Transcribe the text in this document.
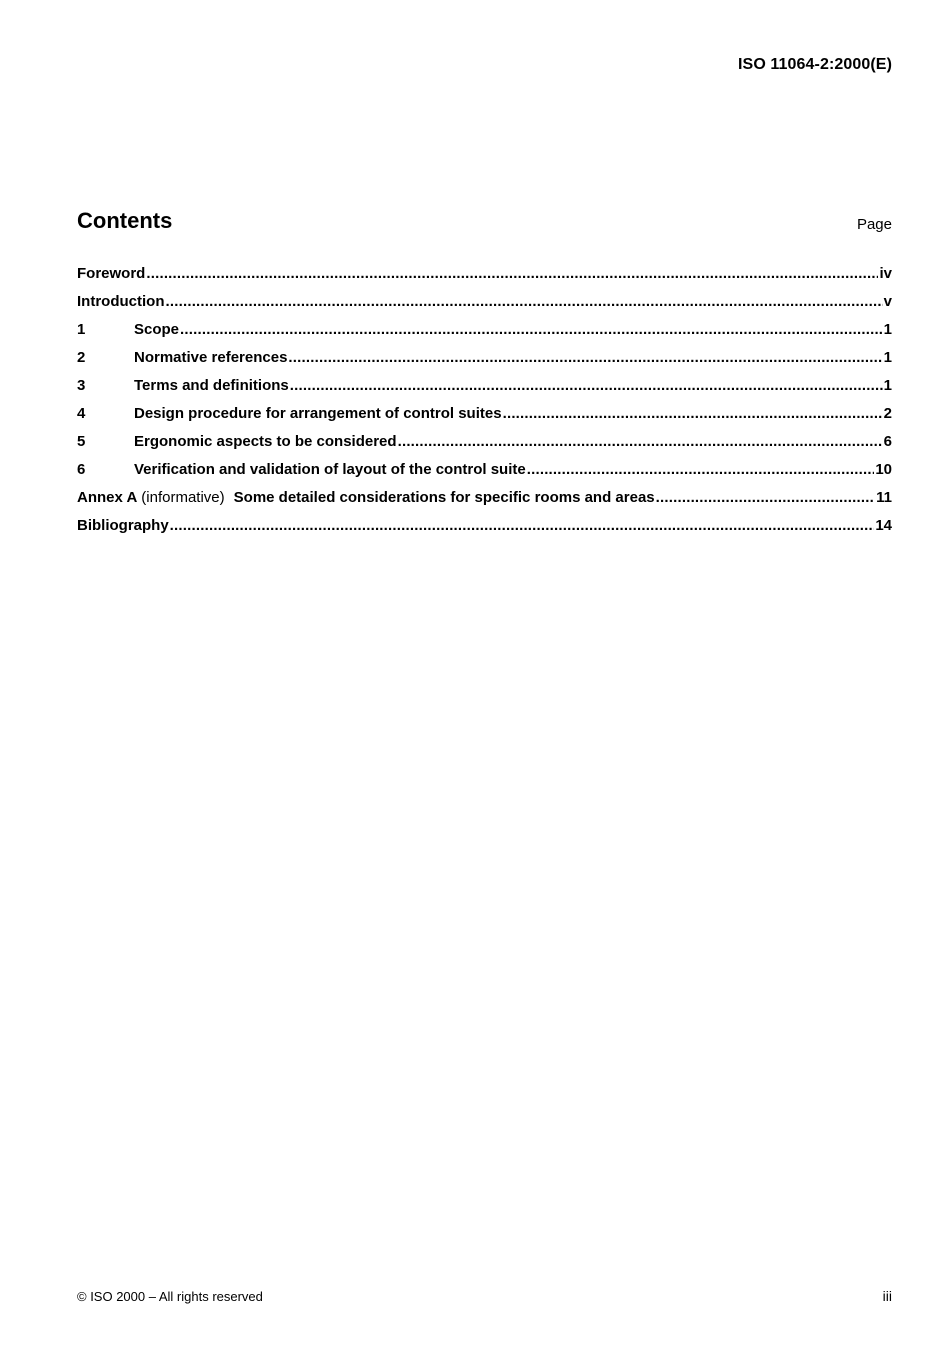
ISO 11064-2:2000(E)
Contents	Page
Foreword .....	iv
Introduction .....	v
1	Scope .....	1
2	Normative references .....	1
3	Terms and definitions .....	1
4	Design procedure for arrangement of control suites .....	2
5	Ergonomic aspects to be considered .....	6
6	Verification and validation of layout of the control suite .....	10
Annex A (informative) Some detailed considerations for specific rooms and areas .....	11
Bibliography .....	14
© ISO 2000 – All rights reserved	iii
